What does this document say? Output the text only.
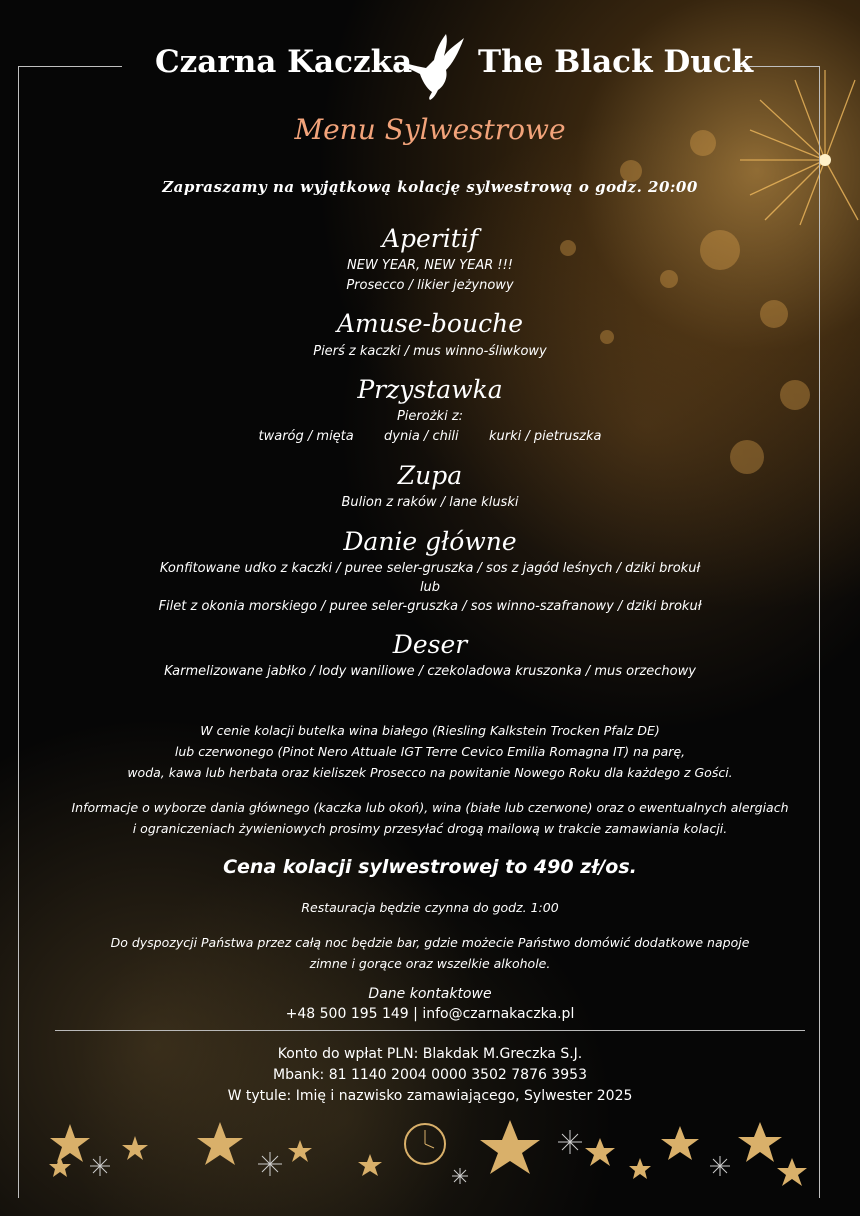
Czarna Kaczka The Black Duck
Menu Sylwestrowe
Zapraszamy na wyjątkową kolację sylwestrową o godz. 20:00
Aperitif
NEW YEAR, NEW YEAR !!!
Prosecco / likier jeżynowy
Amuse-bouche
Pierś z kaczki / mus winno-śliwkowy
Przystawka
Pierożki z:
twaróg / mięta dynia / chili kurki / pietruszka
Zupa
Bulion z raków / lane kluski
Danie główne
Konfitowane udko z kaczki / puree seler-gruszka / sos z jagód leśnych / dziki brokuł
lub
Filet z okonia morskiego / puree seler-gruszka / sos winno-szafranowy / dziki brokuł
Deser
Karmelizowane jabłko / lody waniliowe / czekoladowa kruszonka / mus orzechowy
W cenie kolacji butelka wina białego (Riesling Kalkstein Trocken Pfalz DE)
lub czerwonego (Pinot Nero Attuale IGT Terre Cevico Emilia Romagna IT) na parę,
woda, kawa lub herbata oraz kieliszek Prosecco na powitanie Nowego Roku dla każdego z Gości.
Informacje o wyborze dania głównego (kaczka lub okoń), wina (białe lub czerwone) oraz o ewentualnych alergiach
i ograniczeniach żywieniowych prosimy przesyłać drogą mailową w trakcie zamawiania kolacji.
Cena kolacji sylwestrowej to 490 zł/os.
Restauracja będzie czynna do godz. 1:00
Do dyspozycji Państwa przez całą noc będzie bar, gdzie możecie Państwo domówić dodatkowe napoje
zimne i gorące oraz wszelkie alkohole.
Dane kontaktowe
+48 500 195 149 | info@czarnakaczka.pl
Konto do wpłat PLN: Blakdak M.Greczka S.J.
Mbank: 81 1140 2004 0000 3502 7876 3953
W tytule: Imię i nazwisko zamawiającego, Sylwester 2025
